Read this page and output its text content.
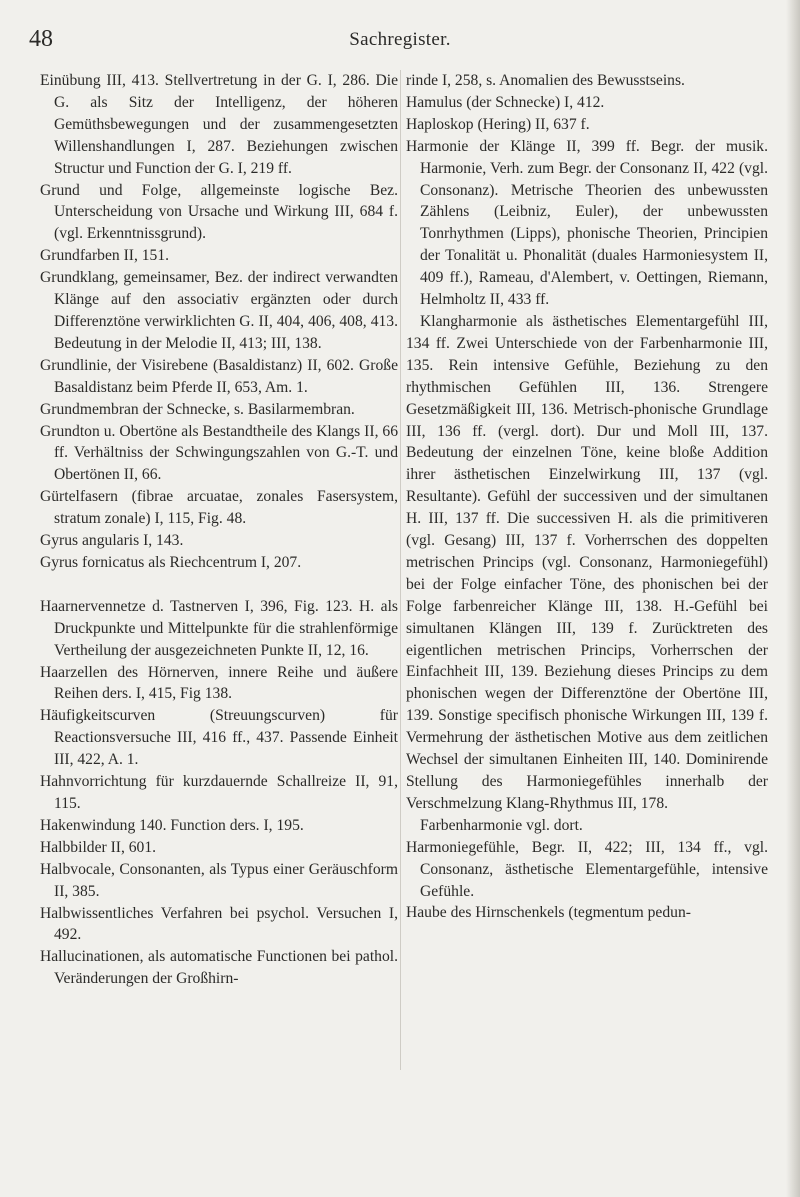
48	Sachregister.

Einübung III, 413. Stellvertretung in der G. I, 286. Die G. als Sitz der Intelligenz, der höheren Gemüthsbewegungen und der zusammengesetzten Willenshandlungen I, 287. Beziehungen zwischen Structur und Function der G. I, 219 ff.

Grund und Folge, allgemeinste logische Bez. Unterscheidung von Ursache und Wirkung III, 684 f. (vgl. Erkenntnissgrund).

Grundfarben II, 151.

Grundklang, gemeinsamer, Bez. der indirect verwandten Klänge auf den associativ ergänzten oder durch Differenztöne verwirklichten G. II, 404, 406, 408, 413. Bedeutung in der Melodie II, 413; III, 138.

Grundlinie, der Visirebene (Basaldistanz) II, 602. Große Basaldistanz beim Pferde II, 653, Am. 1.

Grundmembran der Schnecke, s. Basilarmembran.

Grundton u. Obertöne als Bestandtheile des Klangs II, 66 ff. Verhältniss der Schwingungszahlen von G.-T. und Obertönen II, 66.

Gürtelfasern (fibrae arcuatae, zonales Fasersystem, stratum zonale) I, 115, Fig. 48.

Gyrus angularis I, 143.

Gyrus fornicatus als Riechcentrum I, 207.

Haarnervennetze d. Tastnerven I, 396, Fig. 123. H. als Druckpunkte und Mittelpunkte für die strahlenförmige Vertheilung der ausgezeichneten Punkte II, 12, 16.

Haarzellen des Hörnerven, innere Reihe und äußere Reihen ders. I, 415, Fig 138.

Häufigkeitscurven (Streuungscurven) für Reactionsversuche III, 416 ff., 437. Passende Einheit III, 422, A. 1.

Hahnvorrichtung für kurzdauernde Schallreize II, 91, 115.

Hakenwindung 140. Function ders. I, 195.

Halbbilder II, 601.

Halbvocale, Consonanten, als Typus einer Geräuschform II, 385.

Halbwissentliches Verfahren bei psychol. Versuchen I, 492.

Hallucinationen, als automatische Functionen bei pathol. Veränderungen der Großhirn-

rinde I, 258, s. Anomalien des Bewusstseins.

Hamulus (der Schnecke) I, 412.

Haploskop (Hering) II, 637 f.

Harmonie der Klänge II, 399 ff. Begr. der musik. Harmonie, Verh. zum Begr. der Consonanz II, 422 (vgl. Consonanz). Metrische Theorien des unbewussten Zählens (Leibniz, Euler), der unbewussten Tonrhythmen (Lipps), phonische Theorien, Principien der Tonalität u. Phonalität (duales Harmoniesystem II, 409 ff.), Rameau, d'Alembert, v. Oettingen, Riemann, Helmholtz II, 433 ff.

Klangharmonie als ästhetisches Elementargefühl III, 134 ff. Zwei Unterschiede von der Farbenharmonie III, 135. Rein intensive Gefühle, Beziehung zu den rhythmischen Gefühlen III, 136. Strengere Gesetzmäßigkeit III, 136. Metrisch-phonische Grundlage III, 136 ff. (vergl. dort). Dur und Moll III, 137. Bedeutung der einzelnen Töne, keine bloße Addition ihrer ästhetischen Einzelwirkung III, 137 (vgl. Resultante). Gefühl der successiven und der simultanen H. III, 137 ff. Die successiven H. als die primitiveren (vgl. Gesang) III, 137 f. Vorherrschen des doppelten metrischen Princips (vgl. Consonanz, Harmoniegefühl) bei der Folge einfacher Töne, des phonischen bei der Folge farbenreicher Klänge III, 138. H.-Gefühl bei simultanen Klängen III, 139 f. Zurücktreten des eigentlichen metrischen Princips, Vorherrschen der Einfachheit III, 139. Beziehung dieses Princips zu dem phonischen wegen der Differenztöne der Obertöne III, 139. Sonstige specifisch phonische Wirkungen III, 139 f. Vermehrung der ästhetischen Motive aus dem zeitlichen Wechsel der simultanen Einheiten III, 140. Dominirende Stellung des Harmoniegefühles innerhalb der Verschmelzung Klang-Rhythmus III, 178.

Farbenharmonie vgl. dort.

Harmoniegefühle, Begr. II, 422; III, 134 ff., vgl. Consonanz, ästhetische Elementargefühle, intensive Gefühle.

Haube des Hirnschenkels (tegmentum pedun-
